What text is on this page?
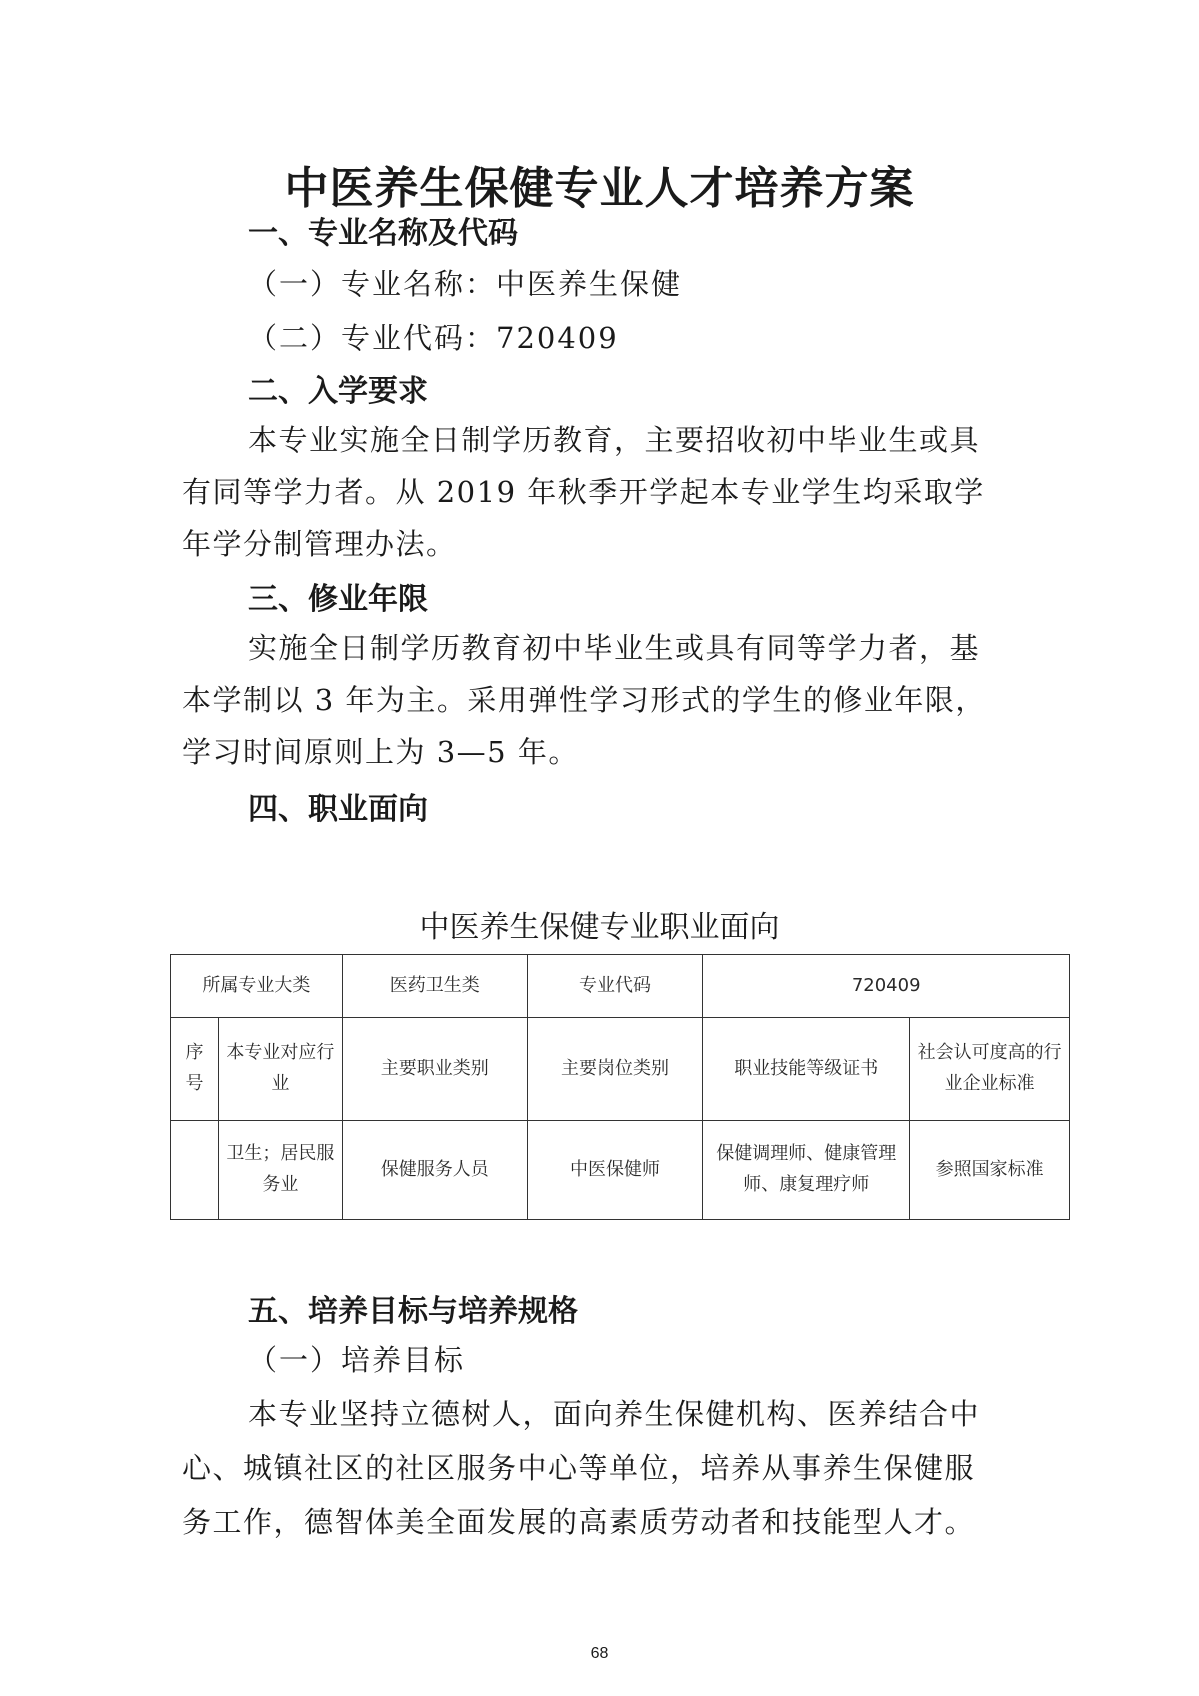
中医养生保健专业人才培养方案
一、专业名称及代码
（一）专业名称：中医养生保健
（二）专业代码：720409
二、入学要求
本专业实施全日制学历教育，主要招收初中毕业生或具
有同等学力者。从 2019 年秋季开学起本专业学生均采取学
年学分制管理办法。
三、修业年限
实施全日制学历教育初中毕业生或具有同等学力者，基
本学制以 3 年为主。采用弹性学习形式的学生的修业年限，
学习时间原则上为 3—5 年。
四、职业面向
中医养生保健专业职业面向
所属专业大类		医药卫生类	专业代码	720409	
序号	本专业对应行业	主要职业类别	主要岗位类别	职业技能等级证书	社会认可度高的行业企业标准
	卫生；居民服务业	保健服务人员	中医保健师	保健调理师、健康管理师、康复理疗师	参照国家标准
五、培养目标与培养规格
（一）培养目标
本专业坚持立德树人，面向养生保健机构、医养结合中
心、城镇社区的社区服务中心等单位，培养从事养生保健服
务工作，德智体美全面发展的高素质劳动者和技能型人才。
68
